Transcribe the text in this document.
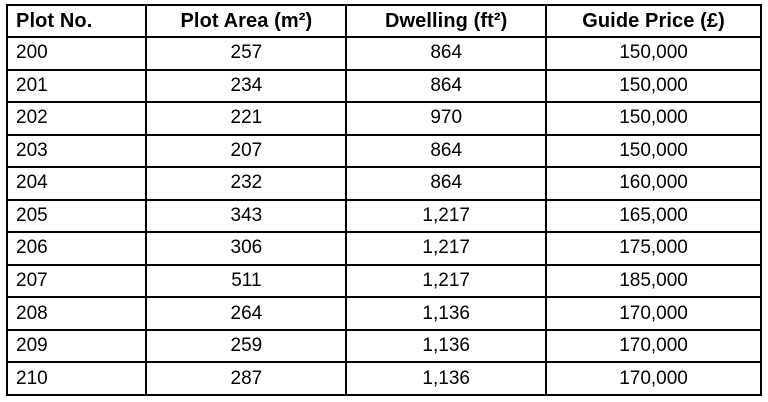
Plot No.	Plot Area (m²)	Dwelling (ft²)	Guide Price (£)
200	257	864	150,000
201	234	864	150,000
202	221	970	150,000
203	207	864	150,000
204	232	864	160,000
205	343	1,217	165,000
206	306	1,217	175,000
207	511	1,217	185,000
208	264	1,136	170,000
209	259	1,136	170,000
210	287	1,136	170,000
